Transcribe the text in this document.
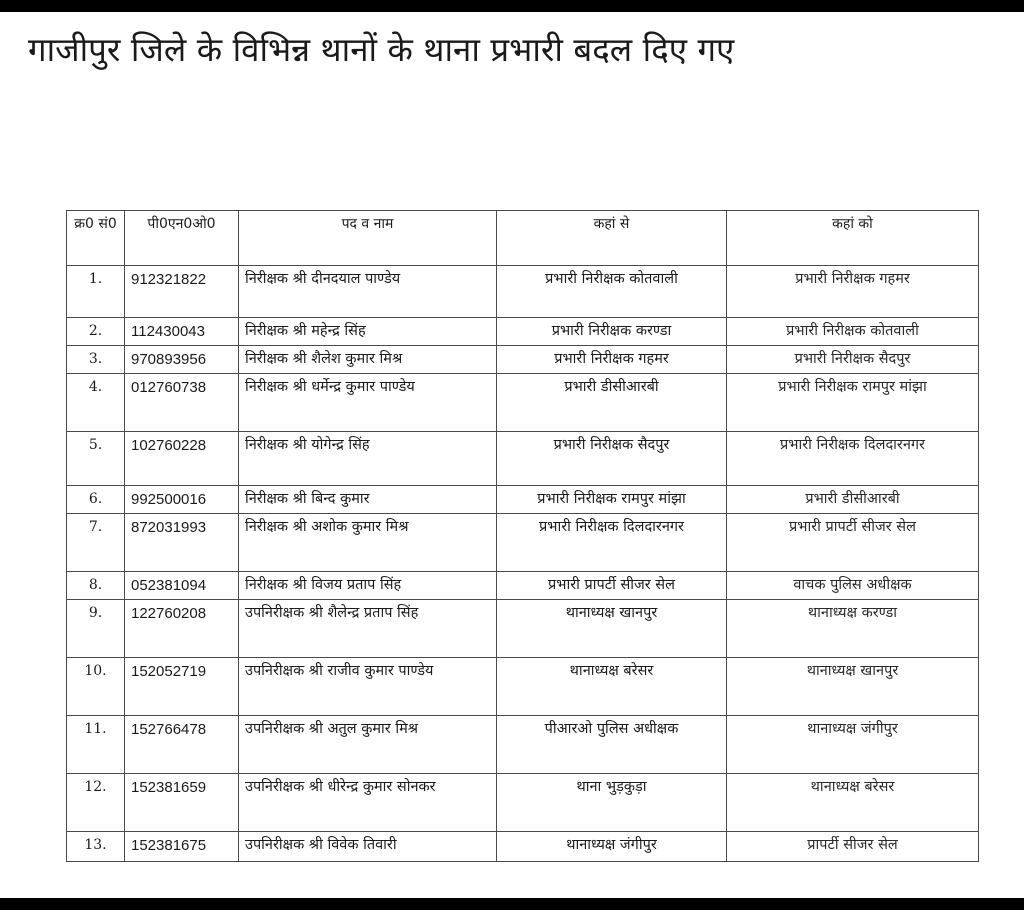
गाजीपुर जिले के विभिन्न थानों के थाना प्रभारी बदल दिए गए
क्र0 सं0	पी0एन0ओ0	पद व नाम	कहां से	कहां को
1.	912321822	निरीक्षक श्री दीनदयाल पाण्डेय	प्रभारी निरीक्षक कोतवाली	प्रभारी निरीक्षक गहमर
2.	112430043	निरीक्षक श्री महेन्द्र सिंह	प्रभारी निरीक्षक करण्डा	प्रभारी निरीक्षक कोतवाली
3.	970893956	निरीक्षक श्री शैलेश कुमार मिश्र	प्रभारी निरीक्षक गहमर	प्रभारी निरीक्षक सैदपुर
4.	012760738	निरीक्षक श्री धर्मेन्द्र कुमार पाण्डेय	प्रभारी डीसीआरबी	प्रभारी निरीक्षक रामपुर मांझा
5.	102760228	निरीक्षक श्री योगेन्द्र सिंह	प्रभारी निरीक्षक सैदपुर	प्रभारी निरीक्षक दिलदारनगर
6.	992500016	निरीक्षक श्री बिन्द कुमार	प्रभारी निरीक्षक रामपुर मांझा	प्रभारी डीसीआरबी
7.	872031993	निरीक्षक श्री अशोक कुमार मिश्र	प्रभारी निरीक्षक दिलदारनगर	प्रभारी प्रापर्टी सीजर सेल
8.	052381094	निरीक्षक श्री विजय प्रताप सिंह	प्रभारी प्रापर्टी सीजर सेल	वाचक पुलिस अधीक्षक
9.	122760208	उपनिरीक्षक श्री शैलेन्द्र प्रताप सिंह	थानाध्यक्ष खानपुर	थानाध्यक्ष करण्डा
10.	152052719	उपनिरीक्षक श्री राजीव कुमार पाण्डेय	थानाध्यक्ष बरेसर	थानाध्यक्ष खानपुर
11.	152766478	उपनिरीक्षक श्री अतुल कुमार मिश्र	पीआरओ पुलिस अधीक्षक	थानाध्यक्ष जंगीपुर
12.	152381659	उपनिरीक्षक श्री धीरेन्द्र कुमार सोनकर	थाना भुड़कुड़ा	थानाध्यक्ष बरेसर
13.	152381675	उपनिरीक्षक श्री विवेक तिवारी	थानाध्यक्ष जंगीपुर	प्रापर्टी सीजर सेल
